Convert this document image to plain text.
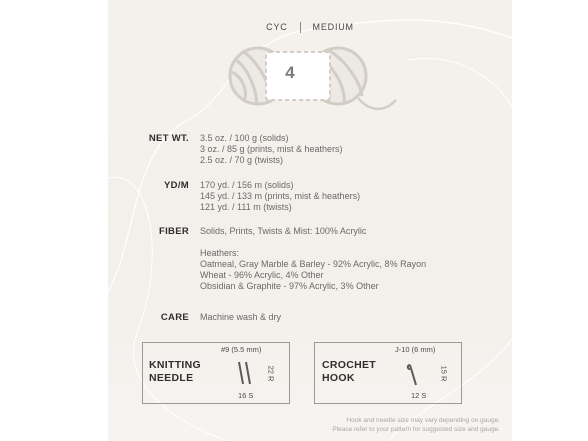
CYC	MEDIUM
4
NET WT. 3.5 oz. / 100 g (solids)
3 oz. / 85 g (prints, mist & heathers)
2.5 oz. / 70 g (twists)
YD/M 170 yd. / 156 m (solids)
145 yd. / 133 m (prints, mist & heathers)
121 yd. / 111 m (twists)
FIBER Solids, Prints, Twists & Mist: 100% Acrylic
Heathers:
Oatmeal, Gray Marble & Barley - 92% Acrylic, 8% Rayon
Wheat - 96% Acrylic, 4% Other
Obsidian & Graphite - 97% Acrylic, 3% Other
CARE Machine wash & dry
KNITTING
NEEDLE
#9 (5.5 mm)
22 R
16 S
CROCHET
HOOK
J-10 (6 mm)
15 R
12 S
Hook and needle size may vary depending on gauge.
Please refer to your pattern for suggested size and gauge.
